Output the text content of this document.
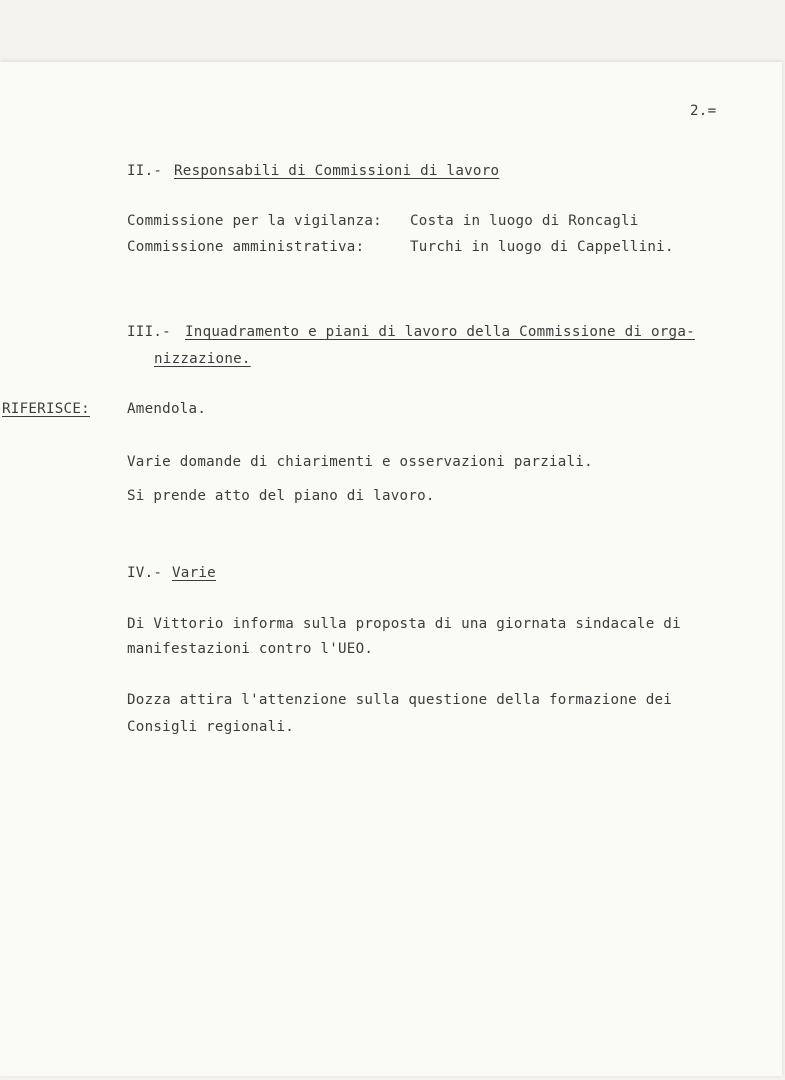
2.=
II.- Responsabili di Commissioni di lavoro
Commissione per la vigilanza: Costa in luogo di Roncagli
Commissione amministrativa:	Turchi in luogo di Cappellini.
III.- Inquadramento e piani di lavoro della Commissione di orga-
nizzazione.
RIFERISCE:	Amendola.
Varie domande di chiarimenti e osservazioni parziali.
Si prende atto del piano di lavoro.
IV.- Varie
Di Vittorio informa sulla proposta di una giornata sindacale di
manifestazioni contro l'UEO.
Dozza attira l'attenzione sulla questione della formazione dei
Consigli regionali.
